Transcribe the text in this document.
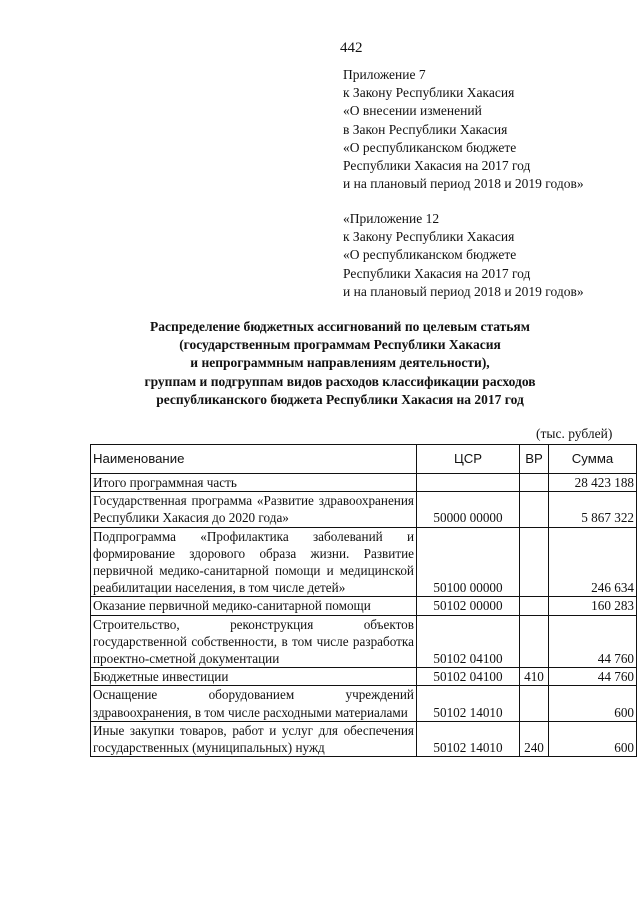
442
Приложение 7
к Закону Республики Хакасия
«О внесении изменений
в Закон Республики Хакасия
«О республиканском бюджете
Республики Хакасия на 2017 год
и на плановый период 2018 и 2019 годов»
«Приложение 12
к Закону Республики Хакасия
«О республиканском бюджете
Республики Хакасия на 2017 год
и на плановый период 2018 и 2019 годов»
Распределение бюджетных ассигнований по целевым статьям
(государственным программам Республики Хакасия
и непрограммным направлениям деятельности),
группам и подгруппам видов расходов классификации расходов
республиканского бюджета Республики Хакасия на 2017 год
(тыс. рублей)
Наименование	ЦСР	ВР	Сумма
Итого программная часть			28 423 188
Государственная программа «Развитие здравоохранения Республики Хакасия до 2020 года»	50000 00000		5 867 322
Подпрограмма «Профилактика заболеваний и формирование здорового образа жизни. Развитие первичной медико-санитарной помощи и медицинской реабилитации населения, в том числе детей»	50100 00000		246 634
Оказание первичной медико-санитарной помощи	50102 00000		160 283
Строительство, реконструкция объектов государственной собственности, в том числе разработка проектно-сметной документации	50102 04100		44 760
Бюджетные инвестиции	50102 04100	410	44 760
Оснащение оборудованием учреждений здравоохранения, в том числе расходными материалами	50102 14010		600
Иные закупки товаров, работ и услуг для обеспечения государственных (муниципальных) нужд	50102 14010	240	600
